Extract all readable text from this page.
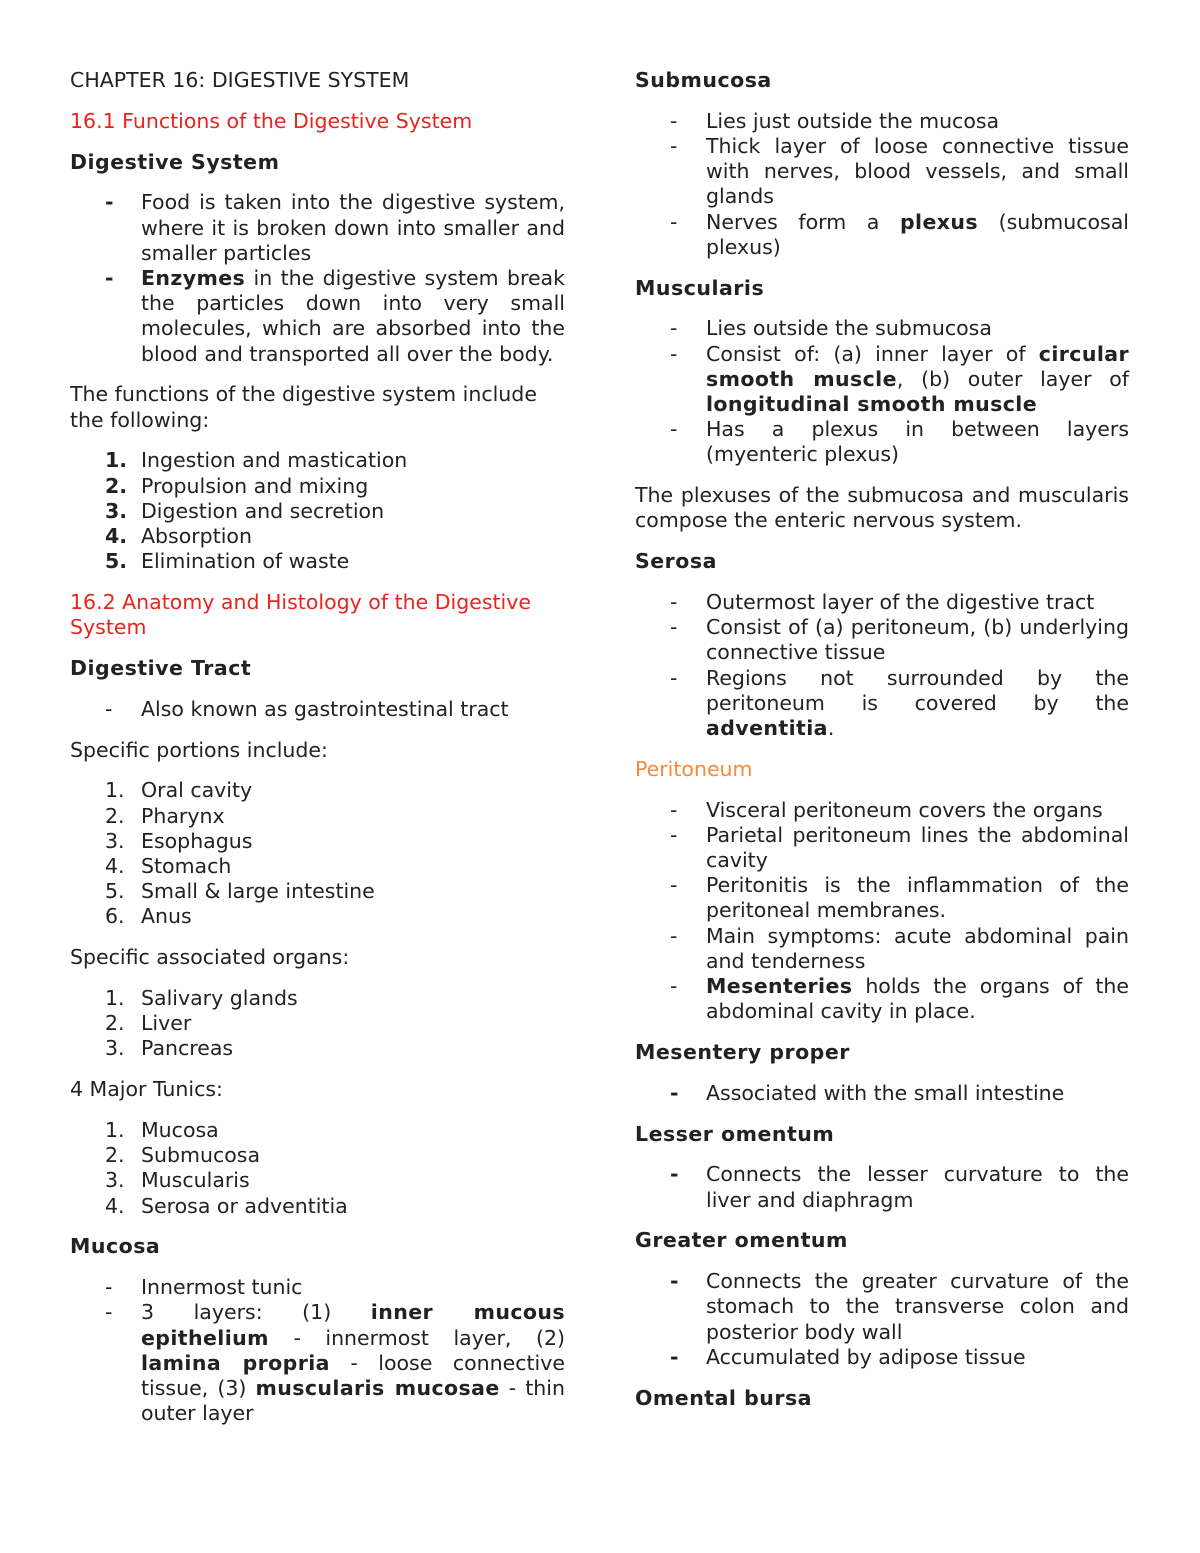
CHAPTER 16: DIGESTIVE SYSTEM

16.1 Functions of the Digestive System

Digestive System

- Food is taken into the digestive system, where it is broken down into smaller and smaller particles
- Enzymes in the digestive system break the particles down into very small molecules, which are absorbed into the blood and transported all over the body.

The functions of the digestive system include the following:

1. Ingestion and mastication
2. Propulsion and mixing
3. Digestion and secretion
4. Absorption
5. Elimination of waste
16.2 Anatomy and Histology of the Digestive System

Digestive Tract

- Also known as gastrointestinal tract

Specific portions include:

1. Oral cavity
2. Pharynx
3. Esophagus
4. Stomach
5. Small & large intestine
6. Anus

Specific associated organs:

1. Salivary glands
2. Liver
3. Pancreas

4 Major Tunics:

1. Mucosa
2. Submucosa
3. Muscularis
4. Serosa or adventitia

Mucosa

- Innermost tunic
- 3 layers: (1) inner mucous epithelium - innermost layer, (2) lamina propria - loose connective tissue, (3) muscularis mucosae - thin outer layer

Submucosa

- Lies just outside the mucosa
- Thick layer of loose connective tissue with nerves, blood vessels, and small glands
- Nerves form a plexus (submucosal plexus)

Muscularis

- Lies outside the submucosa
- Consist of: (a) inner layer of circular smooth muscle, (b) outer layer of longitudinal smooth muscle
- Has a plexus in between layers (myenteric plexus)

The plexuses of the submucosa and muscularis compose the enteric nervous system.

Serosa

- Outermost layer of the digestive tract
- Consist of (a) peritoneum, (b) underlying connective tissue
- Regions not surrounded by the peritoneum is covered by the adventitia.

Peritoneum

- Visceral peritoneum covers the organs
- Parietal peritoneum lines the abdominal cavity
- Peritonitis is the inflammation of the peritoneal membranes.
- Main symptoms: acute abdominal pain and tenderness
- Mesenteries holds the organs of the abdominal cavity in place.

Mesentery proper

- Associated with the small intestine

Lesser omentum

- Connects the lesser curvature to the liver and diaphragm

Greater omentum

- Connects the greater curvature of the stomach to the transverse colon and posterior body wall
- Accumulated by adipose tissue

Omental bursa
